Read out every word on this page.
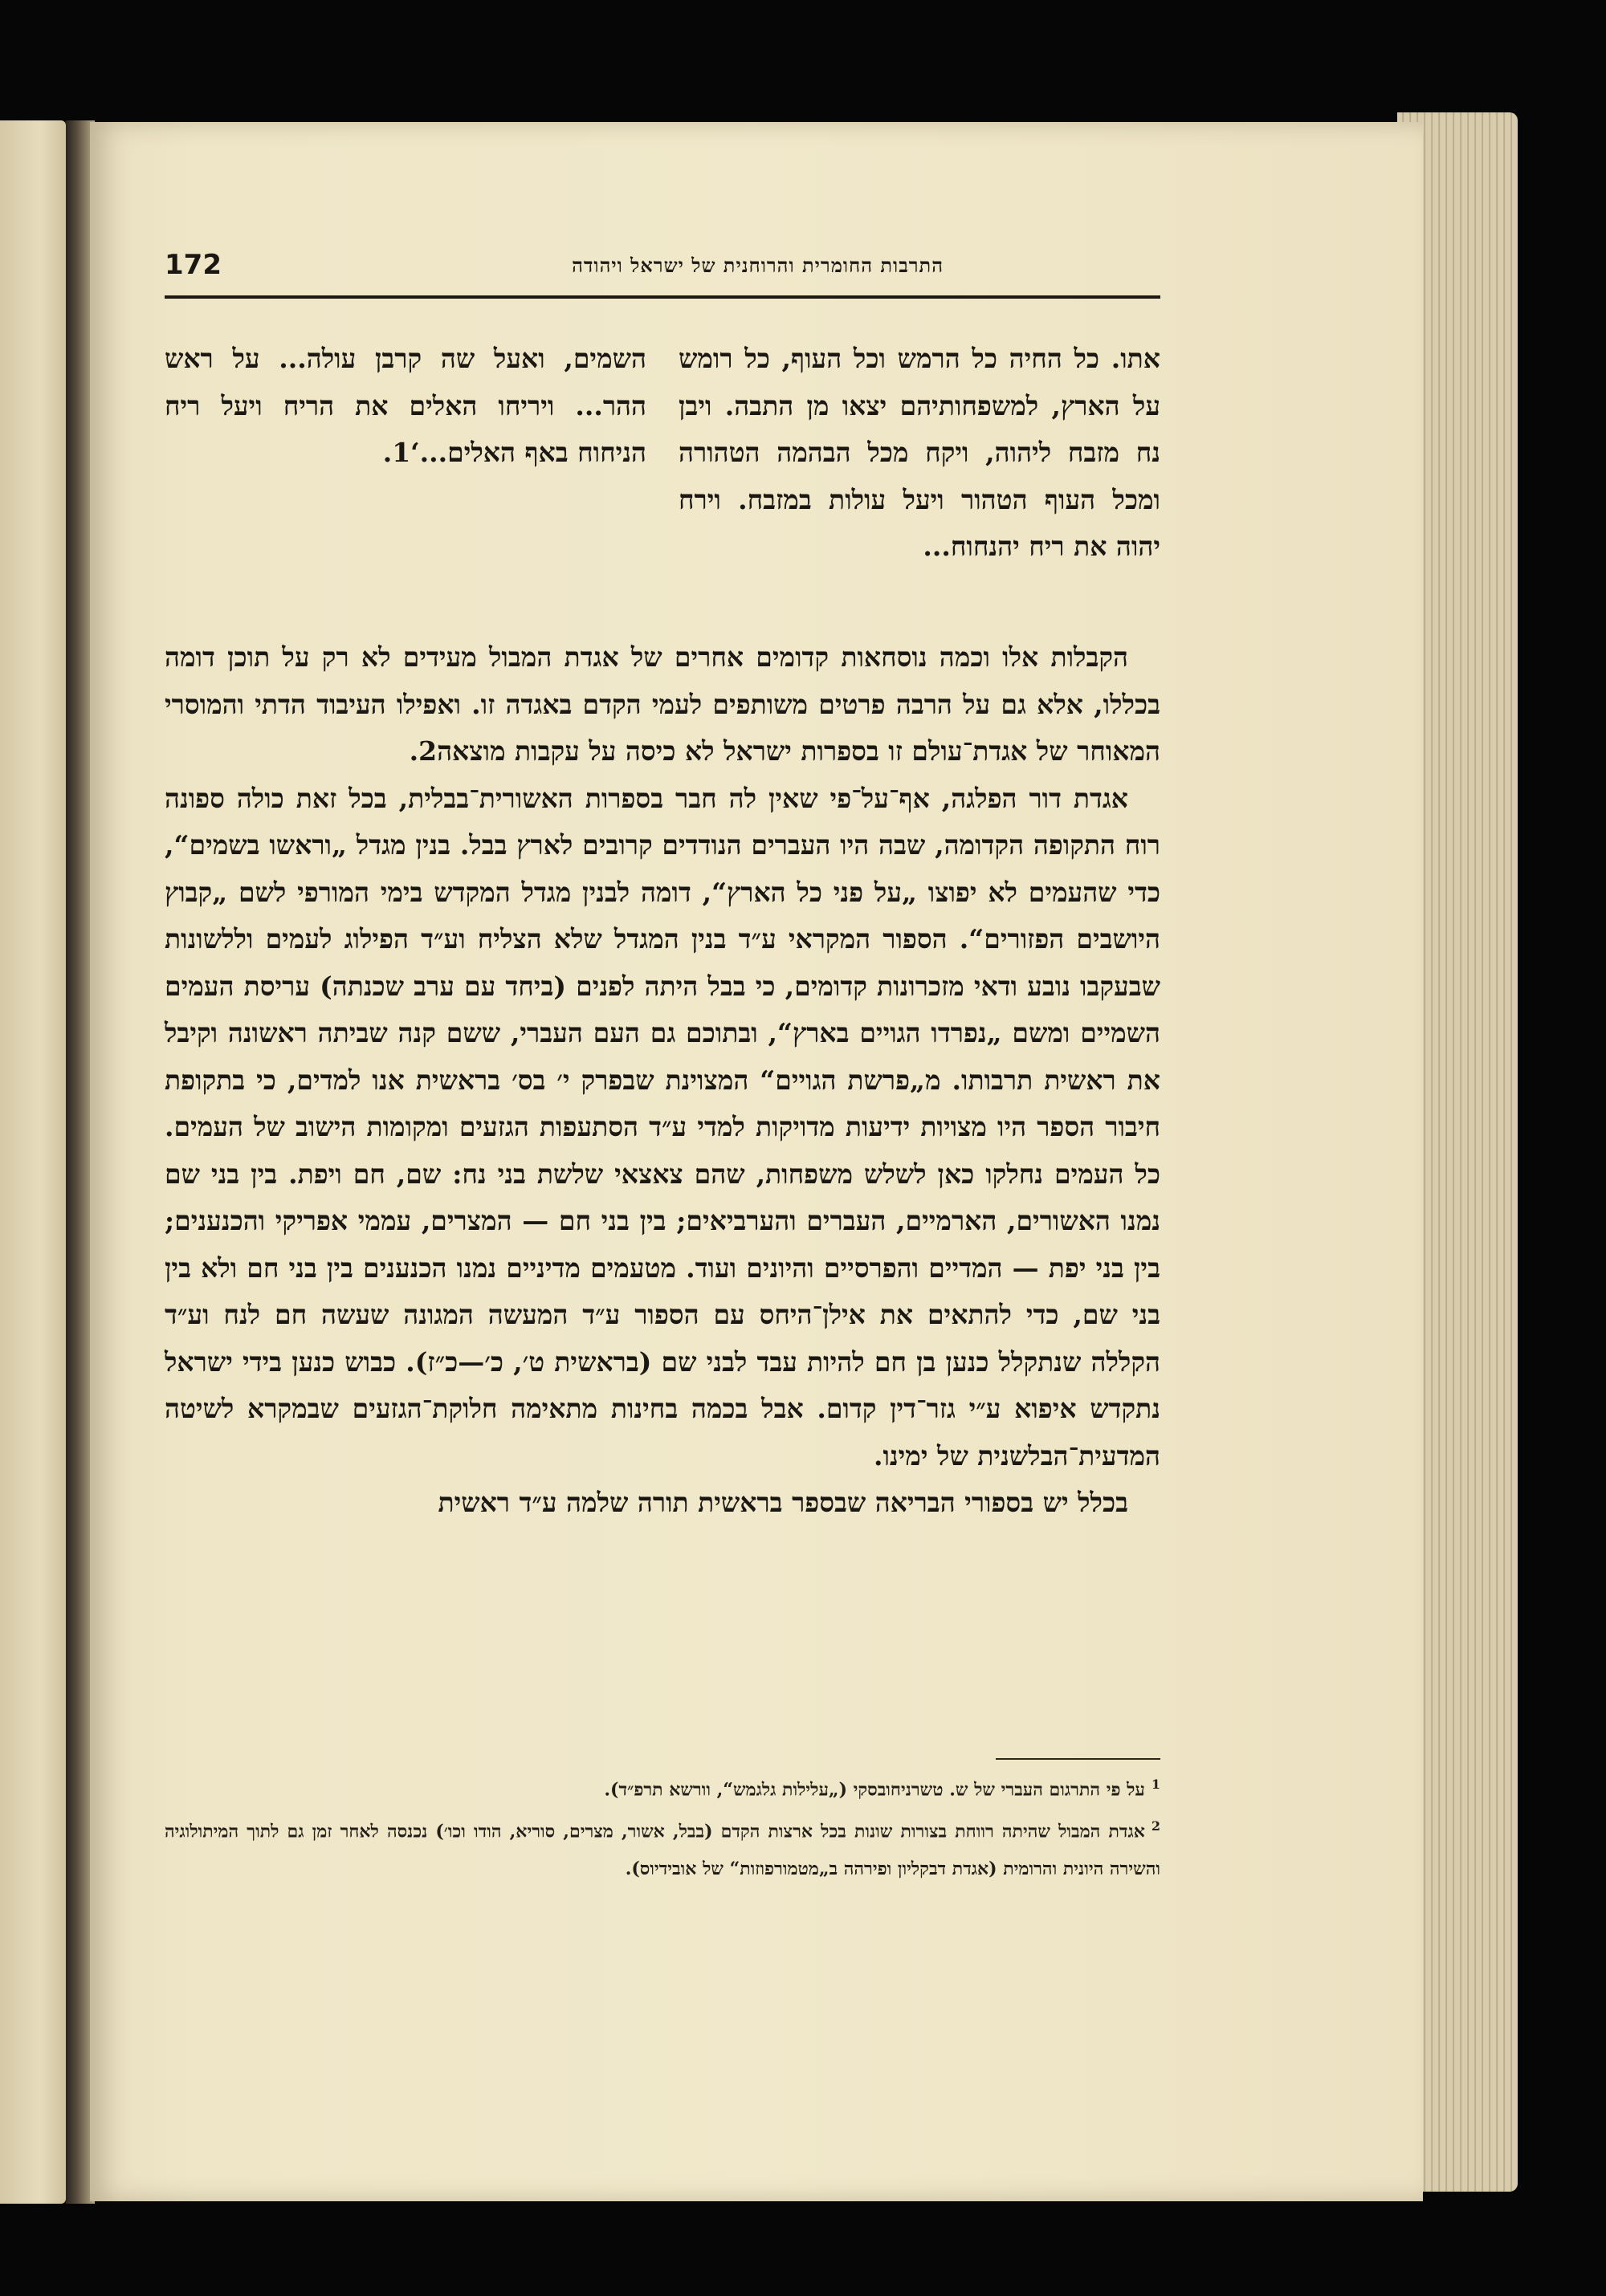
172	התרבות החומרית והרוחנית של ישראל ויהודה
אתו. כל החיה כל הרמש וכל העוף, כל רומש על הארץ, למשפחותיהם יצאו מן התבה. ויבן נח מזבח ליהוה, ויקח מכל הבהמה הטהורה ומכל העוף הטהור ויעל עולות במזבח. וירח יהוה את ריח יהנחוח...
השמים, ואעל שה קרבן עולה... על ראש ההר... ויריחו האלים את הריח ויעל ריח הניחוח באף האלים...‘1.

הקבלות אלו וכמה נוסחאות קדומים אחרים של אגדת המבול מעידים לא רק על תוכן דומה בכללו, אלא גם על הרבה פרטים משותפים לעמי הקדם באגדה זו. ואפילו העיבוד הדתי והמוסרי המאוחר של אגדת־עולם זו בספרות ישראל לא כיסה על עקבות מוצאה2.

אגדת דור הפלגה, אף־על־פי שאין לה חבר בספרות האשורית־בבלית, בכל זאת כולה ספונה רוח התקופה הקדומה, שבה היו העברים הנודדים קרובים לארץ בבל. בנין מגדל „וראשו בשמים“, כדי שהעמים לא יפוצו „על פני כל הארץ“, דומה לבנין מגדל המקדש בימי המורפי לשם „קבוץ היושבים הפזורים“. הספור המקראי ע״ד בנין המגדל שלא הצליח וע״ד הפילוג לעמים וללשונות שבעקבו נובע ודאי מזכרונות קדומים, כי בבל היתה לפנים (ביחד עם ערב שכנתה) עריסת העמים השמיים ומשם „נפרדו הגויים בארץ“, ובתוכם גם העם העברי, ששם קנה שביתה ראשונה וקיבל את ראשית תרבותו. מ„פרשת הגויים“ המצוינת שבפרק י׳ בס׳ בראשית אנו למדים, כי בתקופת חיבור הספר היו מצויות ידיעות מדויקות למדי ע״ד הסתעפות הגזעים ומקומות הישוב של העמים. כל העמים נחלקו כאן לשלש משפחות, שהם צאצאי שלשת בני נח: שם, חם ויפת. בין בני שם נמנו האשורים, הארמיים, העברים והערביאים; בין בני חם — המצרים, עממי אפריקי והכנענים; בין בני יפת — המדיים והפרסיים והיונים ועוד. מטעמים מדיניים נמנו הכנענים בין בני חם ולא בין בני שם, כדי להתאים את אילן־היחס עם הספור ע״ד המעשה המגונה שעשה חם לנח וע״ד הקללה שנתקלל כנען בן חם להיות עבד לבני שם (בראשית ט׳, כ׳—כ״ז). כבוש כנען בידי ישראל נתקדש איפוא ע״י גזר־דין קדום. אבל בכמה בחינות מתאימה חלוקת־הגזעים שבמקרא לשיטה המדעית־הבלשנית של ימינו.

בכלל יש בספורי הבריאה שבספר בראשית תורה שלמה ע״ד ראשית

$^1$על פי התרגום העברי של ש. טשרניחובסקי („עלילות גלגמש“, וורשא תרפ״ד).

$^2$אגדת המבול שהיתה רווחת בצורות שונות בכל ארצות הקדם (בבל, אשור, מצרים, סוריא, הודו וכו׳) נכנסה לאחר זמן גם לתוך המיתולוגיה והשירה היונית והרומית (אגדת דבקליון ופירהה ב„מטמורפוזות“ של אובידיוס).
